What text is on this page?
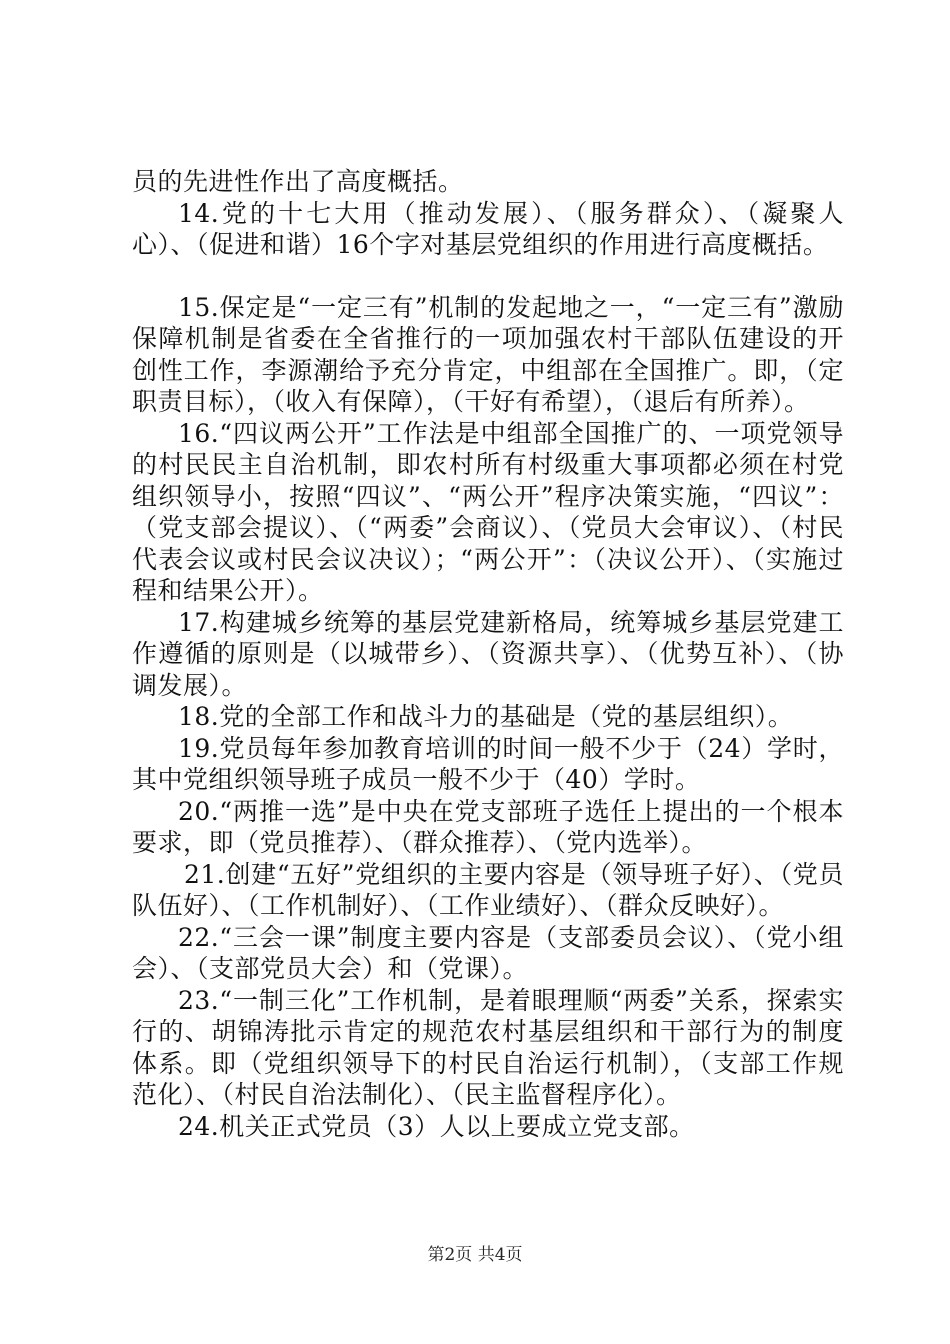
员的先进性作出了高度概括。

14.党的十七大用（推动发展）、（服务群众）、（凝聚人心）、（促进和谐）16个字对基层党组织的作用进行高度概括。

15.保定是“一定三有”机制的发起地之一，“一定三有”激励保障机制是省委在全省推行的一项加强农村干部队伍建设的开创性工作，李源潮给予充分肯定，中组部在全国推广。即，（定职责目标），（收入有保障），（干好有希望），（退后有所养）。

16.“四议两公开”工作法是中组部全国推广的、一项党领导的村民民主自治机制，即农村所有村级重大事项都必须在村党组织领导小，按照“四议”、“两公开”程序决策实施，“四议”：（党支部会提议）、（“两委”会商议）、（党员大会审议）、（村民代表会议或村民会议决议）；“两公开”：（决议公开）、（实施过程和结果公开）。

17.构建城乡统筹的基层党建新格局，统筹城乡基层党建工作遵循的原则是（以城带乡）、（资源共享）、（优势互补）、（协调发展）。

18.党的全部工作和战斗力的基础是（党的基层组织）。

19.党员每年参加教育培训的时间一般不少于（24）学时，其中党组织领导班子成员一般不少于（40）学时。

20.“两推一选”是中央在党支部班子选任上提出的一个根本要求，即（党员推荐）、（群众推荐）、（党内选举）。

21.创建“五好”党组织的主要内容是（领导班子好）、（党员队伍好）、（工作机制好）、（工作业绩好）、（群众反映好）。

22.“三会一课”制度主要内容是（支部委员会议）、（党小组会）、（支部党员大会）和（党课）。

23.“一制三化”工作机制，是着眼理顺“两委”关系，探索实行的、胡锦涛批示肯定的规范农村基层组织和干部行为的制度体系。即（党组织领导下的村民自治运行机制），（支部工作规范化）、（村民自治法制化）、（民主监督程序化）。

24.机关正式党员（3）人以上要成立党支部。

第2页 共4页
